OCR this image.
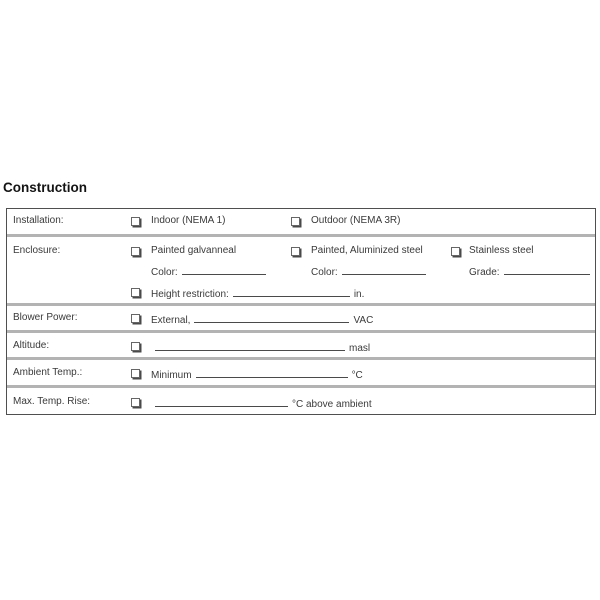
Construction
Installation:	Indoor (NEMA 1)	Outdoor (NEMA 3R)
Enclosure:	Painted galvanneal	Painted, Aluminized steel	Stainless steel
Color:	Color:	Grade:
Height restriction:	in.
Blower Power:	External,	VAC
Altitude:	masl
Ambient Temp.:	Minimum	°C
Max. Temp. Rise:	°C above ambient
